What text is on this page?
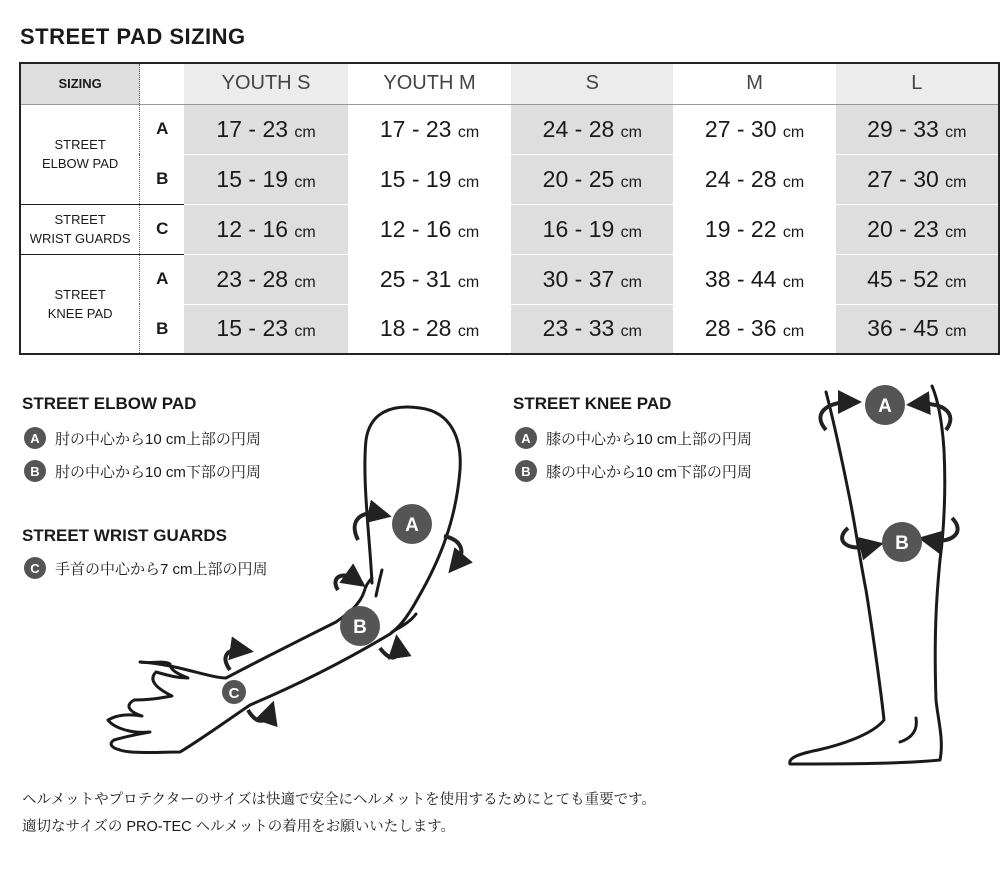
STREET PAD SIZING
SIZING		YOUTH S	YOUTH M	S	M	L
STREET
ELBOW PAD	A	17 - 23 cm	17 - 23 cm	24 - 28 cm	27 - 30 cm	29 - 33 cm
	B	15 - 19 cm	15 - 19 cm	20 - 25 cm	24 - 28 cm	27 - 30 cm
STREET
WRIST GUARDS	C	12 - 16 cm	12 - 16 cm	16 - 19 cm	19 - 22 cm	20 - 23 cm
STREET
KNEE PAD	A	23 - 28 cm	25 - 31 cm	30 - 37 cm	38 - 44 cm	45 - 52 cm
	B	15 - 23 cm	18 - 28 cm	23 - 33 cm	28 - 36 cm	36 - 45 cm
STREET ELBOW PAD
A	肘の中心から10 cm上部の円周
B	肘の中心から10 cm下部の円周
STREET WRIST GUARDS
C	手首の中心から7 cm上部の円周
STREET KNEE PAD
A	膝の中心から10 cm上部の円周
B	膝の中心から10 cm下部の円周
A
B
C
A
B
ヘルメットやプロテクターのサイズは快適で安全にヘルメットを使用するためにとても重要です。
適切なサイズの PRO-TEC ヘルメットの着用をお願いいたします。
